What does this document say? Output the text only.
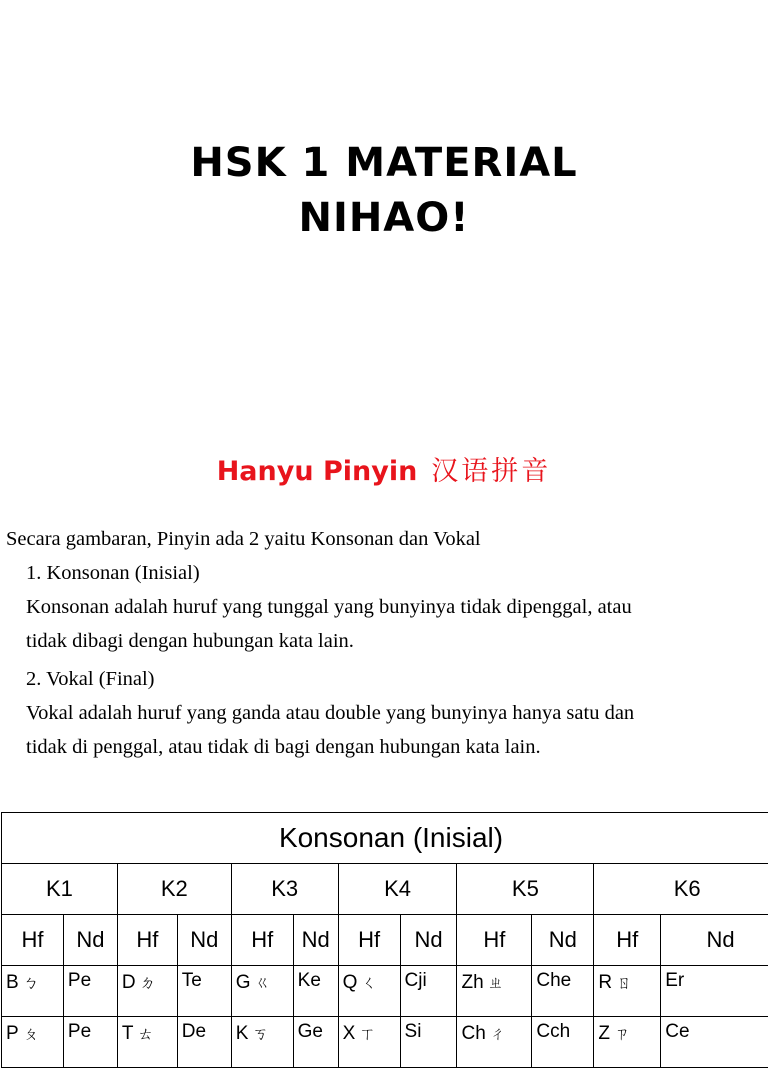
HSK 1 MATERIAL
NIHAO!
Hanyu Pinyin 汉语拼音
Secara gambaran, Pinyin ada 2 yaitu Konsonan dan Vokal
1. Konsonan (Inisial)
Konsonan adalah huruf yang tunggal yang bunyinya tidak dipenggal, atau
tidak dibagi dengan hubungan kata lain.
2. Vokal (Final)
Vokal adalah huruf yang ganda atau double yang bunyinya hanya satu dan
tidak di penggal, atau tidak di bagi dengan hubungan kata lain.
Konsonan (Inisial)											
K1		K2		K3		K4		K5		K6	
Hf	Nd	Hf	Nd	Hf	Nd	Hf	Nd	Hf	Nd	Hf	Nd
B ㄅ	Pe	D ㄉ	Te	G ㄍ	Ke	Q ㄑ	Cji	Zh ㄓ	Che	R ㄖ	Er
P ㄆ	Pe	T ㄊ	De	K ㄎ	Ge	X ㄒ	Si	Ch ㄔ	Cch	Z ㄗ	Ce
